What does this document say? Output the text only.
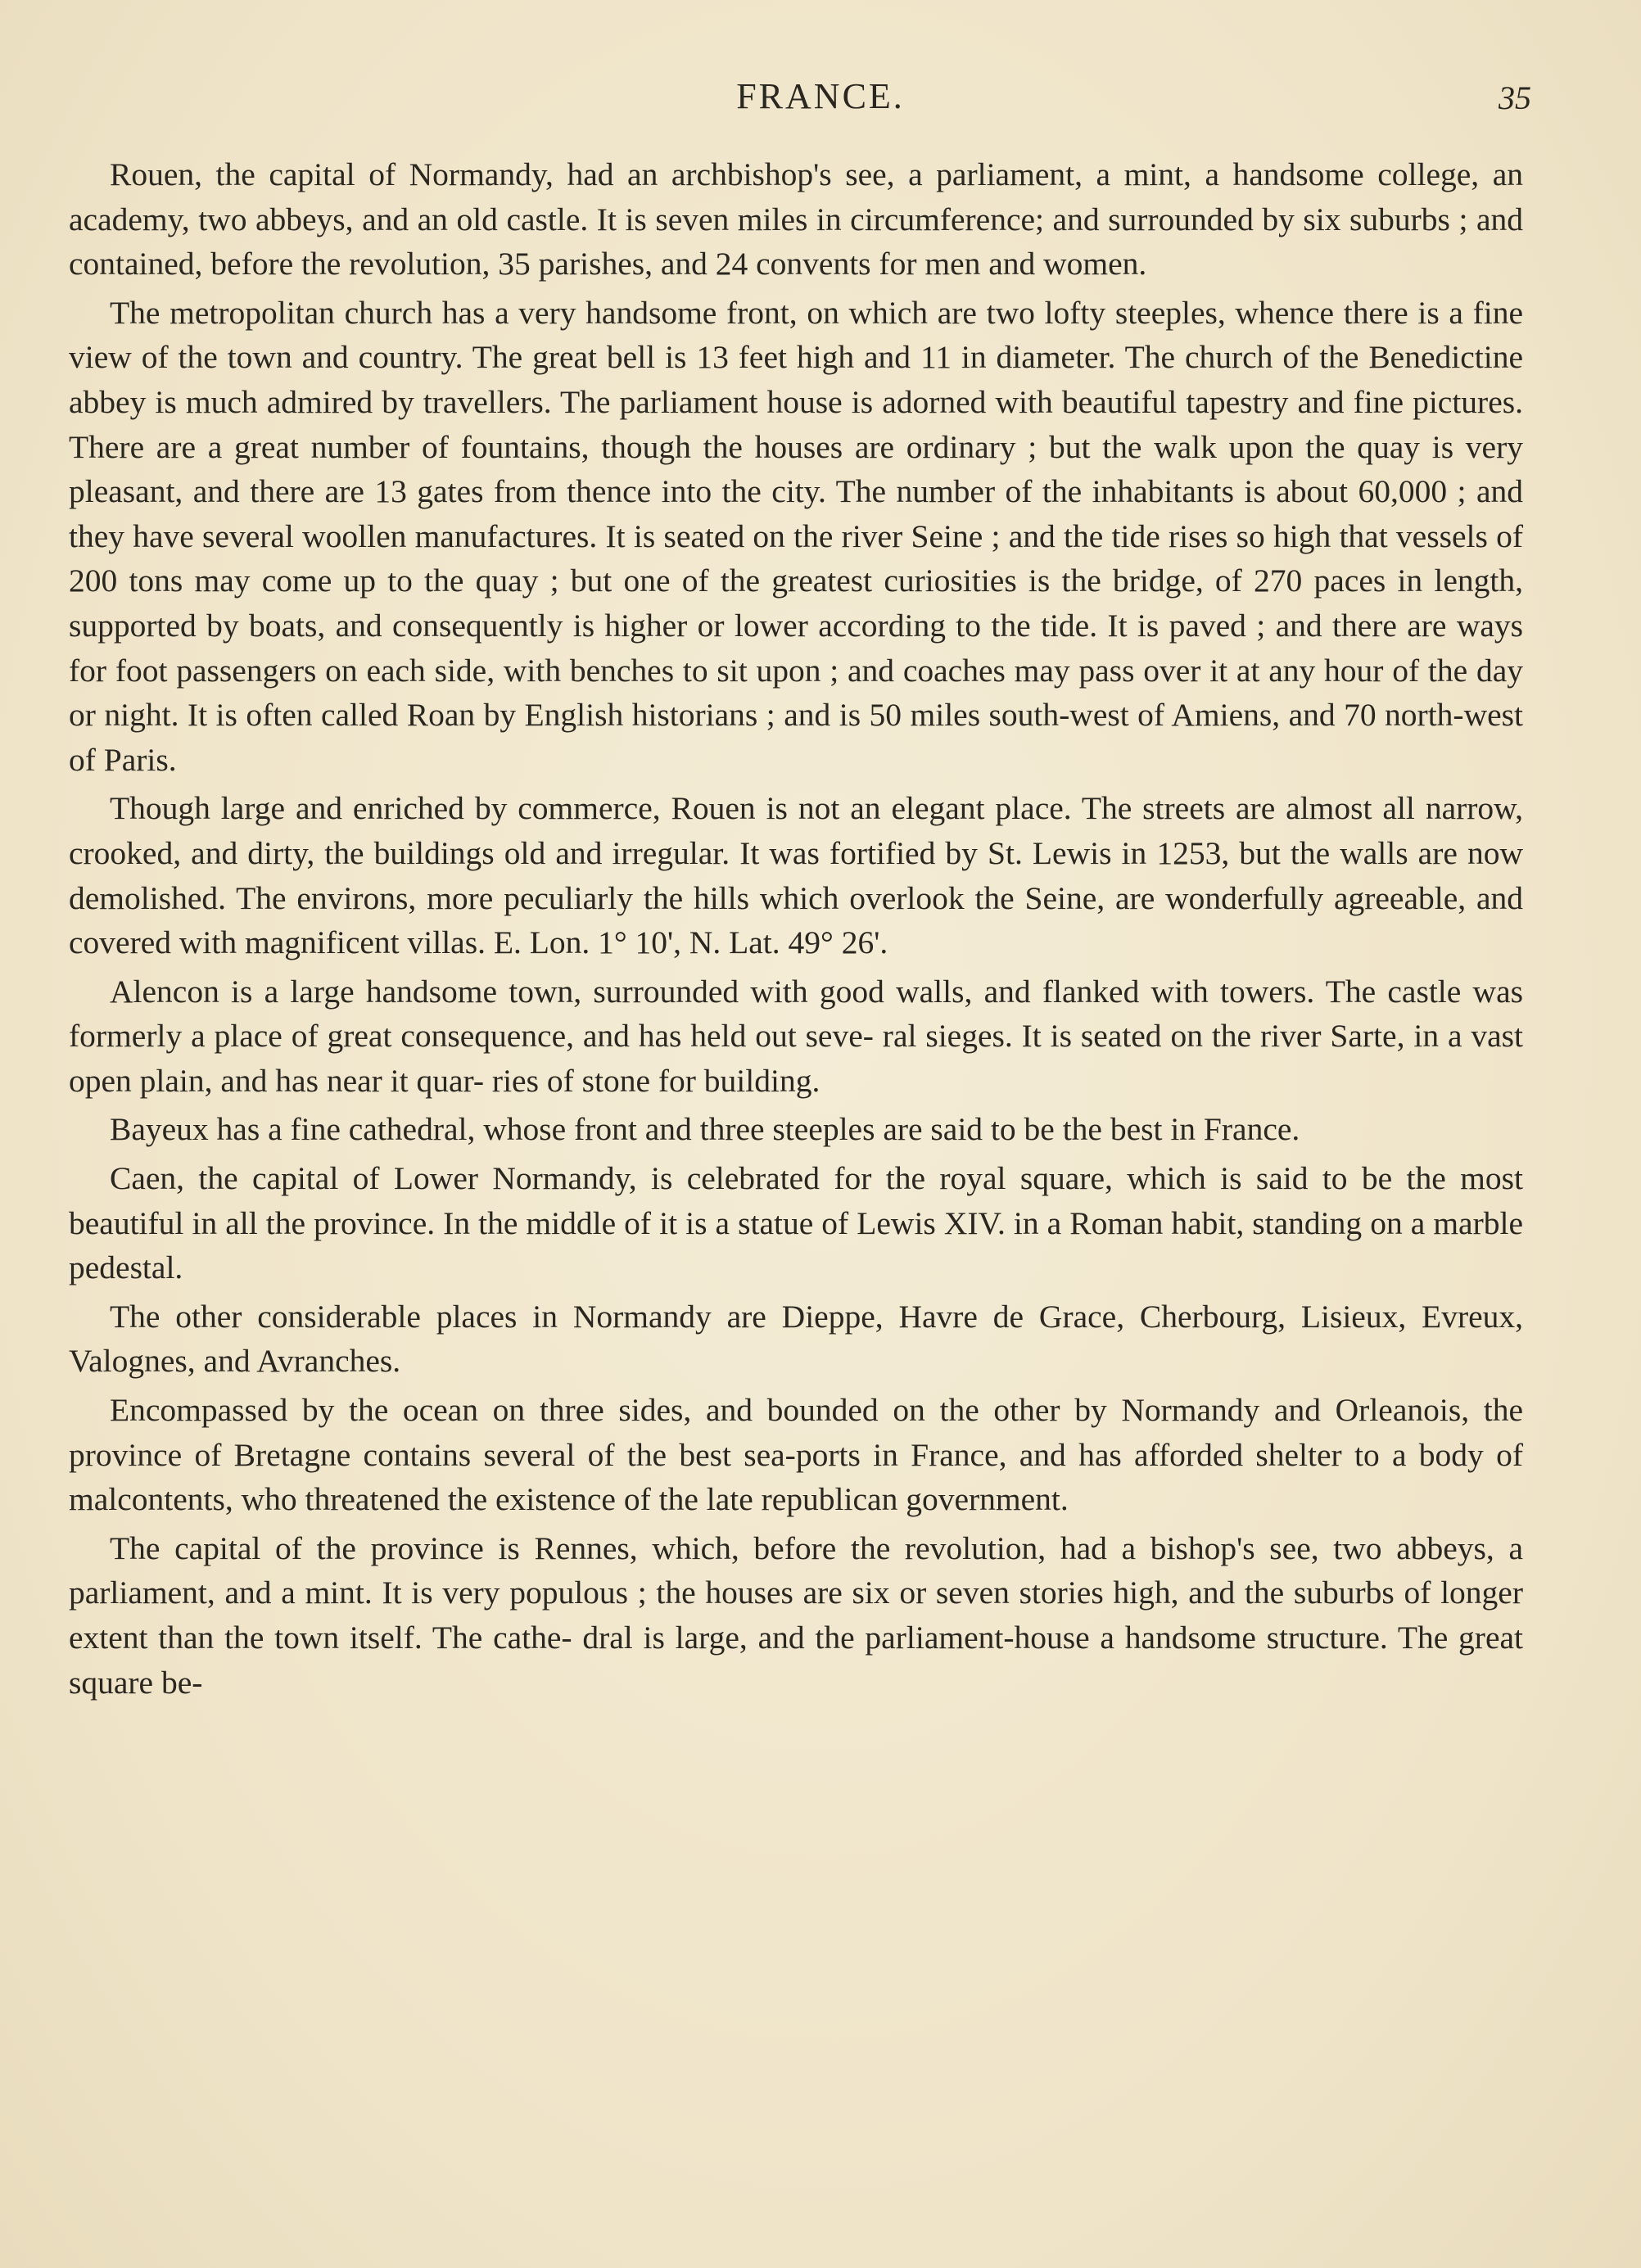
FRANCE.	35

Rouen, the capital of Normandy, had an archbishop's see, a parliament, a mint, a handsome college, an academy, two abbeys, and an old castle. It is seven miles in circumference; and surrounded by six suburbs ; and contained, before the revolution, 35 parishes, and 24 convents for men and women.

The metropolitan church has a very handsome front, on which are two lofty steeples, whence there is a fine view of the town and country. The great bell is 13 feet high and 11 in diameter. The church of the Benedictine abbey is much admired by travellers. The parliament house is adorned with beautiful tapestry and fine pictures. There are a great number of fountains, though the houses are ordinary ; but the walk upon the quay is very pleasant, and there are 13 gates from thence into the city. The number of the inhabitants is about 60,000 ; and they have several woollen manufactures. It is seated on the river Seine ; and the tide rises so high that vessels of 200 tons may come up to the quay ; but one of the greatest curiosities is the bridge, of 270 paces in length, supported by boats, and consequently is higher or lower according to the tide. It is paved ; and there are ways for foot passengers on each side, with benches to sit upon ; and coaches may pass over it at any hour of the day or night. It is often called Roan by English historians ; and is 50 miles south-west of Amiens, and 70 north-west of Paris.

Though large and enriched by commerce, Rouen is not an elegant place. The streets are almost all narrow, crooked, and dirty, the buildings old and irregular. It was fortified by St. Lewis in 1253, but the walls are now demolished. The environs, more peculiarly the hills which overlook the Seine, are wonderfully agreeable, and covered with magnificent villas. E. Lon. 1° 10', N. Lat. 49° 26'.

Alencon is a large handsome town, surrounded with good walls, and flanked with towers. The castle was formerly a place of great consequence, and has held out seve- ral sieges. It is seated on the river Sarte, in a vast open plain, and has near it quar- ries of stone for building.

Bayeux has a fine cathedral, whose front and three steeples are said to be the best in France.

Caen, the capital of Lower Normandy, is celebrated for the royal square, which is said to be the most beautiful in all the province. In the middle of it is a statue of Lewis XIV. in a Roman habit, standing on a marble pedestal.

The other considerable places in Normandy are Dieppe, Havre de Grace, Cherbourg, Lisieux, Evreux, Valognes, and Avranches.

Encompassed by the ocean on three sides, and bounded on the other by Normandy and Orleanois, the province of Bretagne contains several of the best sea-ports in France, and has afforded shelter to a body of malcontents, who threatened the existence of the late republican government.

The capital of the province is Rennes, which, before the revolution, had a bishop's see, two abbeys, a parliament, and a mint. It is very populous ; the houses are six or seven stories high, and the suburbs of longer extent than the town itself. The cathe- dral is large, and the parliament-house a handsome structure. The great square be-
